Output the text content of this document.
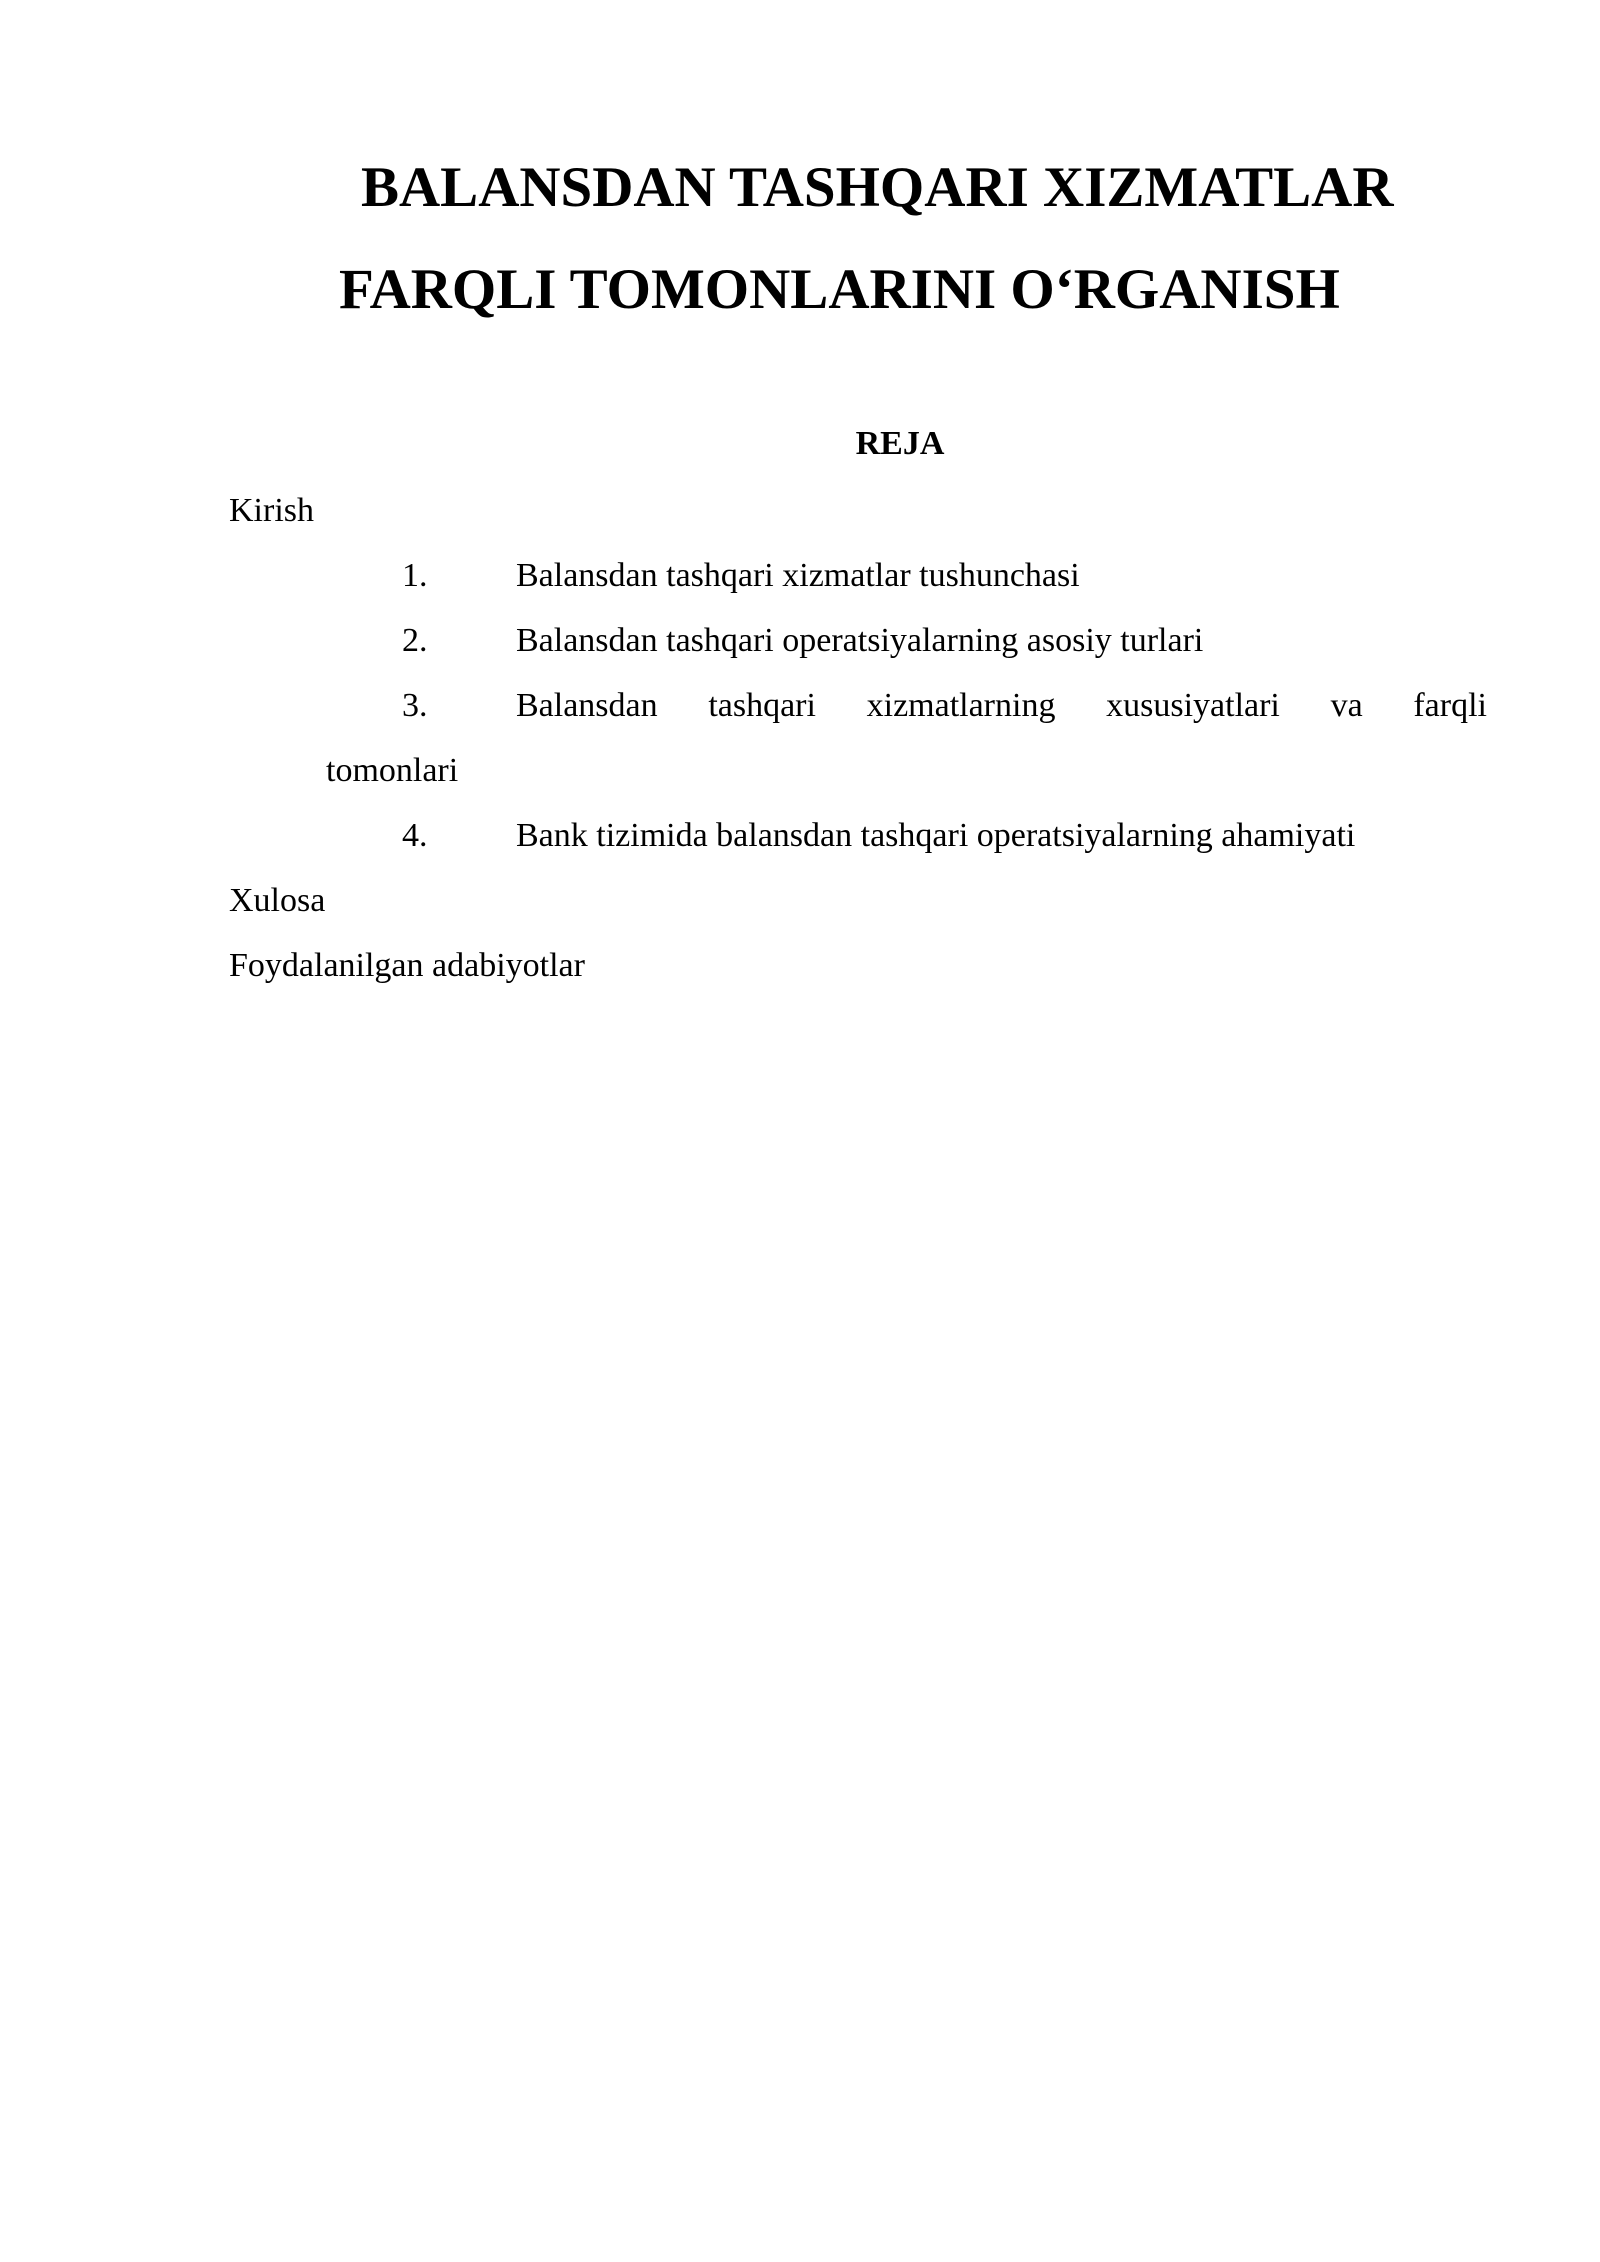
BALANSDAN TASHQARI XIZMATLAR
FARQLI TOMONLARINI O‘RGANISH
REJA

Kirish

1.	Balansdan tashqari xizmatlar tushunchasi
2.	Balansdan tashqari operatsiyalarning asosiy turlari
3.	Balansdan tashqari xizmatlarning xususiyatlari va farqli
tomonlari
4.	Bank tizimida balansdan tashqari operatsiyalarning ahamiyati

Xulosa

Foydalanilgan adabiyotlar
